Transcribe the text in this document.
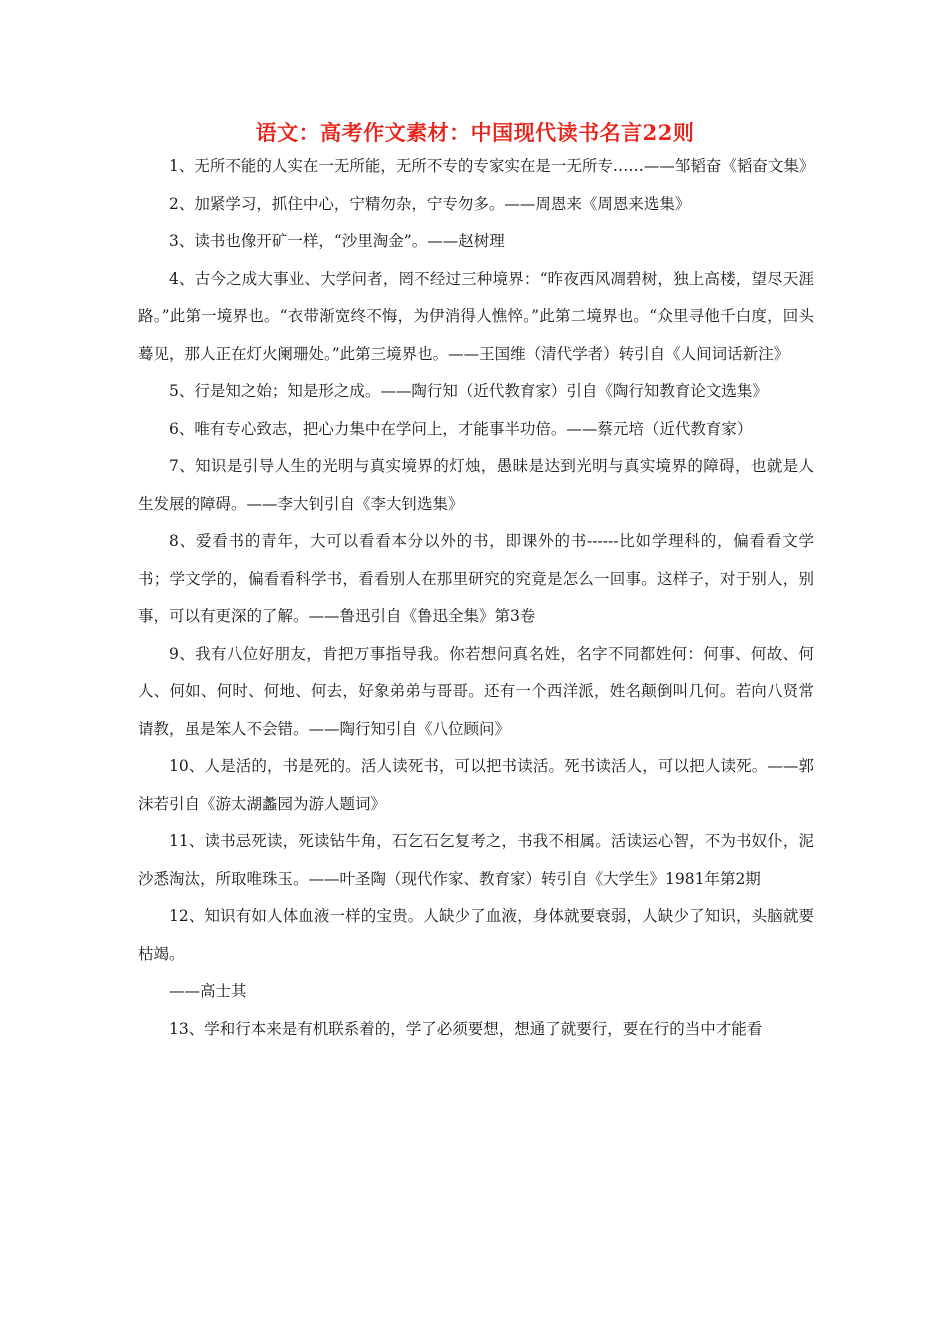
语文：高考作文素材：中国现代读书名言22则

1、无所不能的人实在一无所能，无所不专的专家实在是一无所专……——邹韬奋《韬奋文集》

2、加紧学习，抓住中心，宁精勿杂，宁专勿多。——周恩来《周恩来选集》

3、读书也像开矿一样，“沙里淘金”。——赵树理

4、古今之成大事业、大学问者，罔不经过三种境界：“昨夜西风凋碧树，独上高楼，望尽天涯路。”此第一境界也。“衣带渐宽终不悔，为伊消得人憔悴。”此第二境界也。“众里寻他千白度，回头蓦见，那人正在灯火阑珊处。”此第三境界也。——王国维（清代学者）转引自《人间词话新注》

5、行是知之始；知是形之成。——陶行知（近代教育家）引自《陶行知教育论文选集》

6、唯有专心致志，把心力集中在学问上，才能事半功倍。——蔡元培（近代教育家）

7、知识是引导人生的光明与真实境界的灯烛，愚昧是达到光明与真实境界的障碍，也就是人生发展的障碍。——李大钊引自《李大钊选集》

8、爱看书的青年，大可以看看本分以外的书，即课外的书------比如学理科的，偏看看文学书；学文学的，偏看看科学书，看看别人在那里研究的究竟是怎么一回事。这样子，对于别人，别事，可以有更深的了解。——鲁迅引自《鲁迅全集》第3卷

9、我有八位好朋友，肯把万事指导我。你若想问真名姓，名字不同都姓何：何事、何故、何人、何如、何时、何地、何去，好象弟弟与哥哥。还有一个西洋派，姓名颠倒叫几何。若向八贤常请教，虽是笨人不会错。——陶行知引自《八位顾问》

10、人是活的，书是死的。活人读死书，可以把书读活。死书读活人，可以把人读死。——郭沫若引自《游太湖蠡园为游人题词》

11、读书忌死读，死读钻牛角，石乞石乞复考之，书我不相属。活读运心智，不为书奴仆，泥沙悉淘汰，所取唯珠玉。——叶圣陶（现代作家、教育家）转引自《大学生》1981年第2期

12、知识有如人体血液一样的宝贵。人缺少了血液，身体就要衰弱，人缺少了知识，头脑就要枯竭。

——高士其

13、学和行本来是有机联系着的，学了必须要想，想通了就要行，要在行的当中才能看
